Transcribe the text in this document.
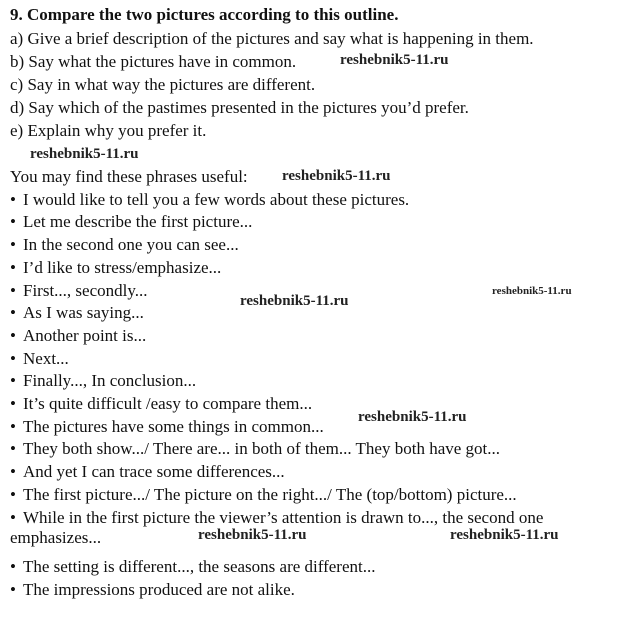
9. Compare the two pictures according to this outline.
a) Give a brief description of the pictures and say what is happening in them.
b) Say what the pictures have in common.
c) Say in what way the pictures are different.
d) Say which of the pastimes presented in the pictures you’d prefer.
e) Explain why you prefer it.
You may find these phrases useful:
• I would like to tell you a few words about these pictures.
• Let me describe the first picture...
• In the second one you can see...
• I’d like to stress/emphasize...
• First..., secondly...
• As I was saying...
• Another point is...
• Next...
• Finally..., In conclusion...
• It’s quite difficult /easy to compare them...
• The pictures have some things in common...
• They both show.../ There are... in both of them... They both have got...
• And yet I can trace some differences...
• The first picture.../ The picture on the right.../ The (top/bottom) picture...
• While in the first picture the viewer’s attention is drawn to..., the second one
emphasizes...
• The setting is different..., the seasons are different...
• The impressions produced are not alike.
reshebnik5-11.ru
reshebnik5-11.ru
reshebnik5-11.ru
reshebnik5-11.ru
reshebnik5-11.ru
reshebnik5-11.ru
reshebnik5-11.ru	reshebnik5-11.ru
